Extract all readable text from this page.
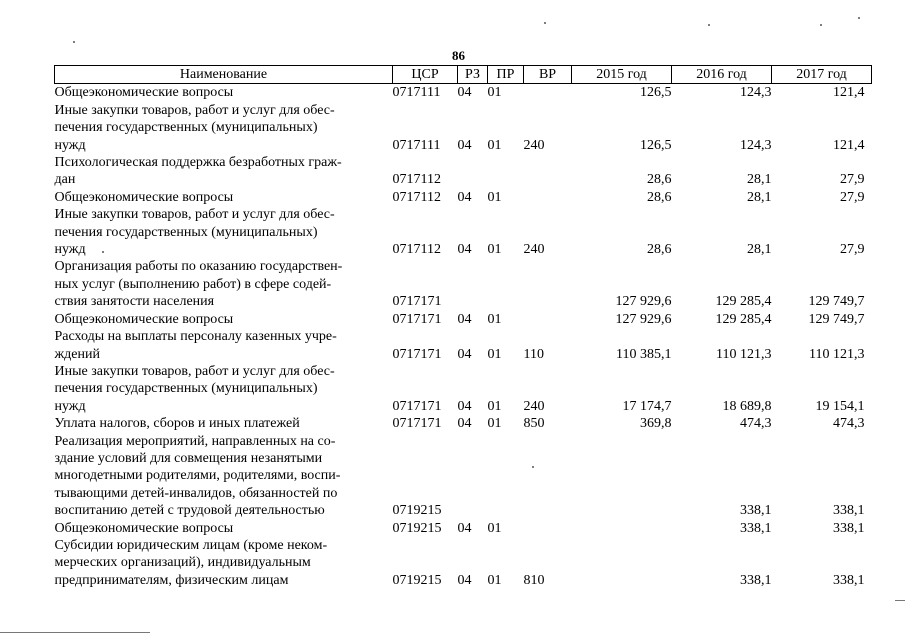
86
Наименование	ЦСР	РЗ	ПР	ВР	2015 год	2016 год	2017 год
Общеэкономические вопросы	0717111	04	01		126,5	124,3	121,4
Иные закупки товаров, работ и услуг для обес-
печения государственных (муниципальных)
нужд	0717111	04	01	240	126,5	124,3	121,4
Психологическая поддержка безработных граж-
дан	0717112				28,6	28,1	27,9
Общеэкономические вопросы	0717112	04	01		28,6	28,1	27,9
Иные закупки товаров, работ и услуг для обес-
печения государственных (муниципальных)
нужд	0717112	04	01	240	28,6	28,1	27,9
Организация работы по оказанию государствен-
ных услуг (выполнению работ) в сфере содей-
ствия занятости населения	0717171				127 929,6	129 285,4	129 749,7
Общеэкономические вопросы	0717171	04	01		127 929,6	129 285,4	129 749,7
Расходы на выплаты персоналу казенных учре-
ждений	0717171	04	01	110	110 385,1	110 121,3	110 121,3
Иные закупки товаров, работ и услуг для обес-
печения государственных (муниципальных)
нужд	0717171	04	01	240	17 174,7	18 689,8	19 154,1
Уплата налогов, сборов и иных платежей	0717171	04	01	850	369,8	474,3	474,3
Реализация мероприятий, направленных на со-
здание условий для совмещения незанятыми
многодетными родителями, родителями, воспи-
тывающими детей-инвалидов, обязанностей по
воспитанию детей с трудовой деятельностью	0719215					338,1	338,1
Общеэкономические вопросы	0719215	04	01			338,1	338,1
Субсидии юридическим лицам (кроме неком-
мерческих организаций), индивидуальным
предпринимателям, физическим лицам	0719215	04	01	810		338,1	338,1
